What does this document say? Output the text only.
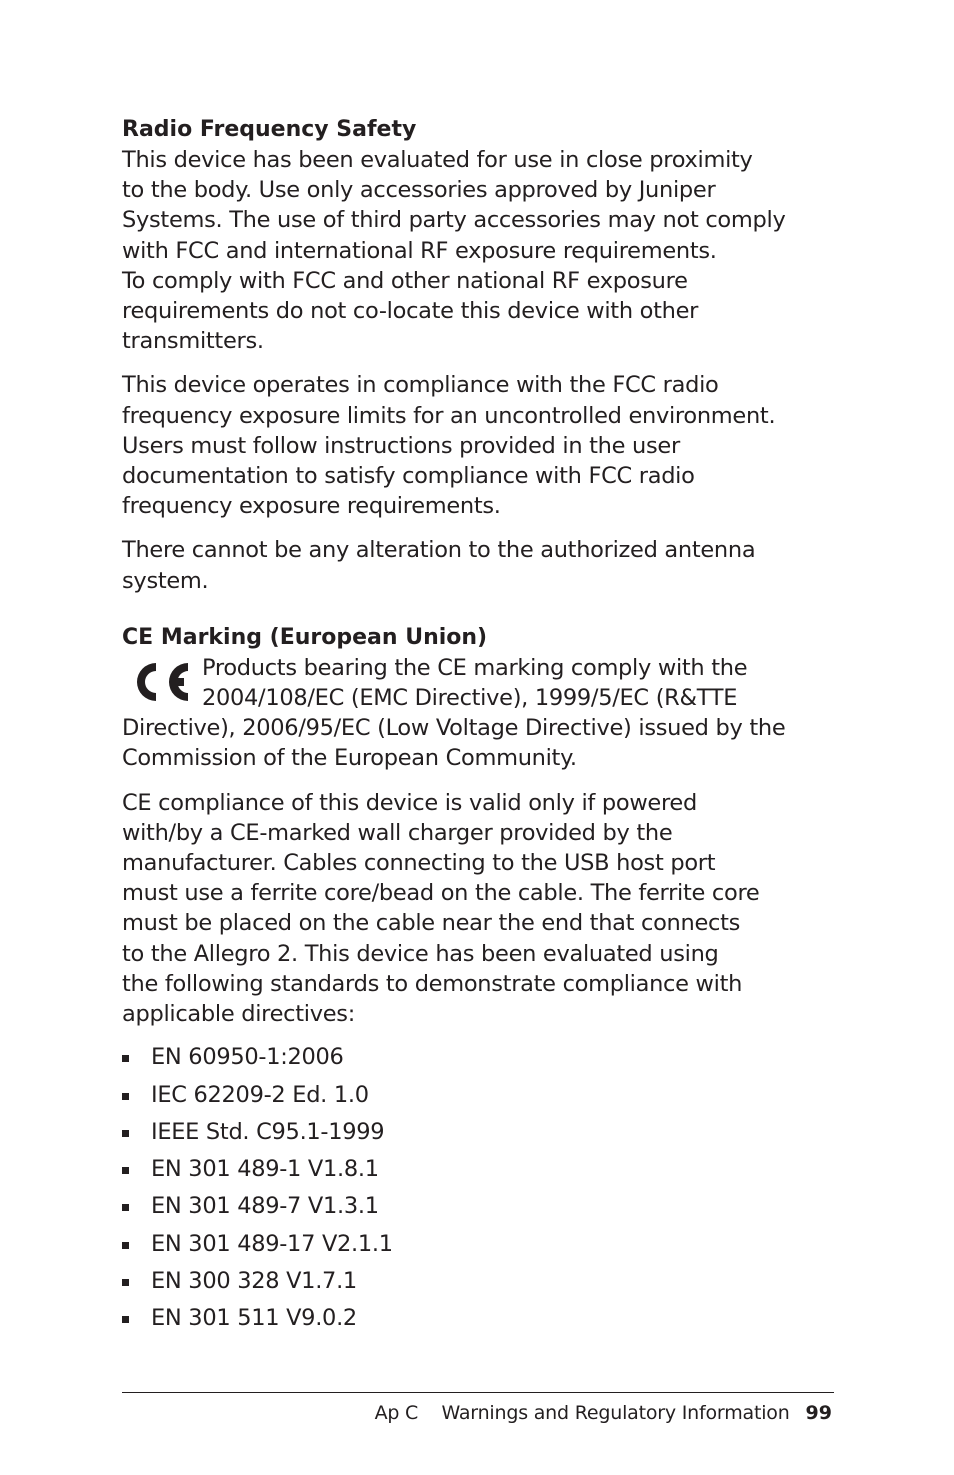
Radio Frequency Safety

This device has been evaluated for use in close proximity
to the body. Use only accessories approved by Juniper
Systems. The use of third party accessories may not comply
with FCC and international RF exposure requirements.
To comply with FCC and other national RF exposure
requirements do not co-locate this device with other
transmitters.

This device operates in compliance with the FCC radio
frequency exposure limits for an uncontrolled environment.
Users must follow instructions provided in the user
documentation to satisfy compliance with FCC radio
frequency exposure requirements.

There cannot be any alteration to the authorized antenna
system.

CE Marking (European Union)

Products bearing the CE marking comply with the
2004/108/EC (EMC Directive), 1999/5/EC (R&TTE
Directive), 2006/95/EC (Low Voltage Directive) issued by the
Commission of the European Community.

CE compliance of this device is valid only if powered
with/by a CE-marked wall charger provided by the
manufacturer. Cables connecting to the USB host port
must use a ferrite core/bead on the cable. The ferrite core
must be placed on the cable near the end that connects
to the Allegro 2. This device has been evaluated using
the following standards to demonstrate compliance with
applicable directives:

EN 60950-1:2006
IEC 62209-2 Ed. 1.0
IEEE Std. C95.1-1999
EN 301 489-1 V1.8.1
EN 301 489-7 V1.3.1
EN 301 489-17 V2.1.1
EN 300 328 V1.7.1
EN 301 511 V9.0.2
Ap C    Warnings and Regulatory Information 99
